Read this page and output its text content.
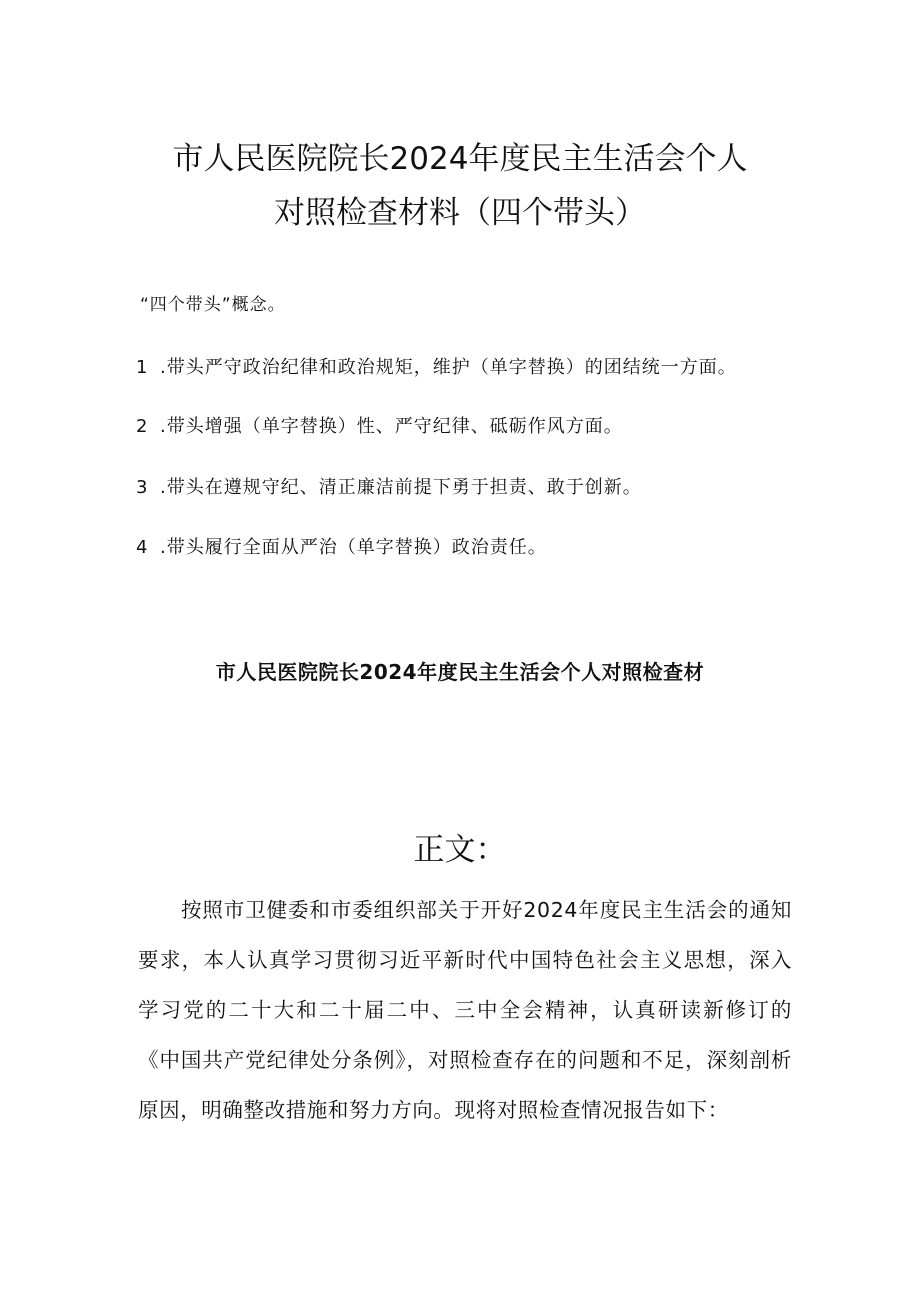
市人民医院院长2024年度民主生活会个人
对照检查材料（四个带头）
“四个带头”概念。
1 .带头严守政治纪律和政治规矩，维护（单字替换）的团结统一方面。
2 .带头增强（单字替换）性、严守纪律、砥砺作风方面。
3 .带头在遵规守纪、清正廉洁前提下勇于担责、敢于创新。
4 .带头履行全面从严治（单字替换）政治责任。
市人民医院院长2024年度民主生活会个人对照检查材
正文：
按照市卫健委和市委组织部关于开好2024年度民主生活会的通知要求，本人认真学习贯彻习近平新时代中国特色社会主义思想，深入学习党的二十大和二十届二中、三中全会精神，认真研读新修订的《中国共产党纪律处分条例》，对照检查存在的问题和不足，深刻剖析原因，明确整改措施和努力方向。现将对照检查情况报告如下：
